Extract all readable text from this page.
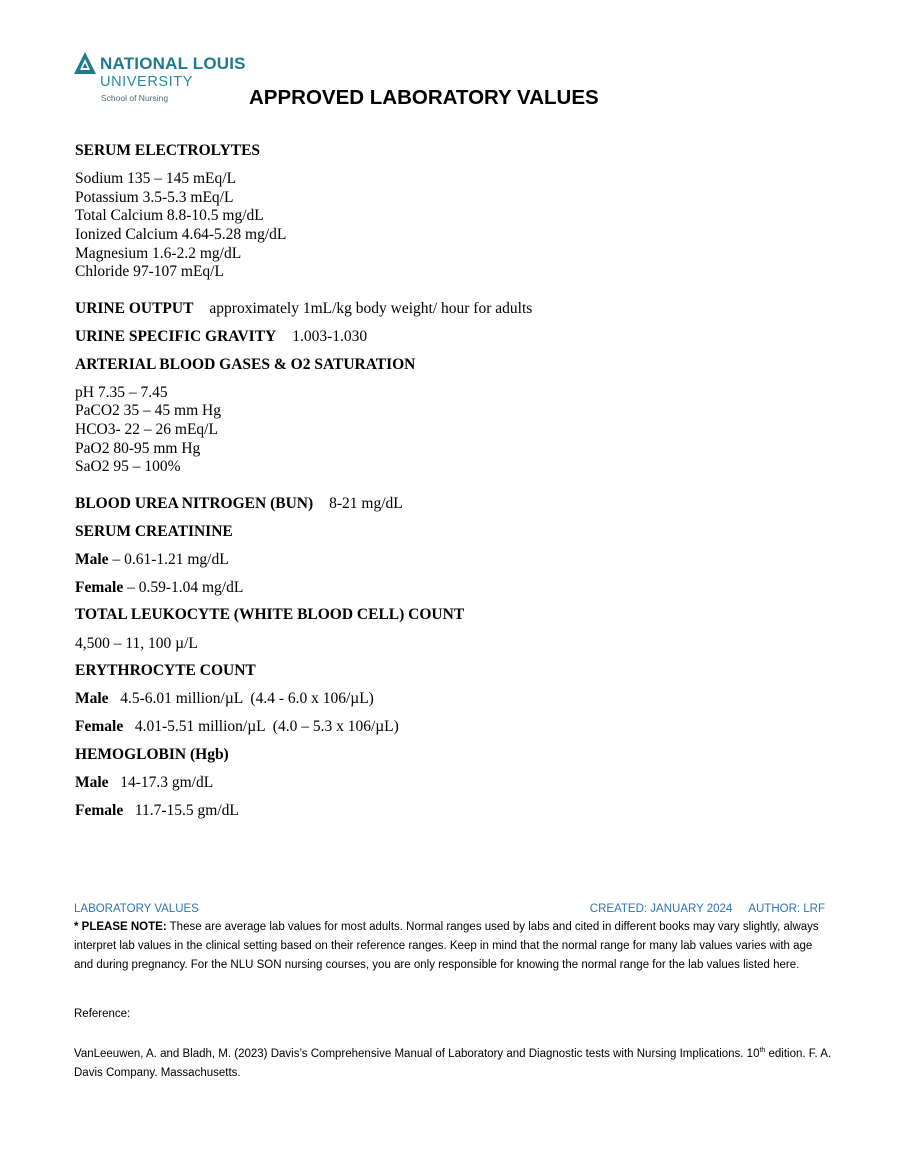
NATIONAL LOUIS
UNIVERSITY
School of Nursing	APPROVED LABORATORY VALUES
SERUM ELECTROLYTES
Sodium 135 – 145 mEq/L
Potassium 3.5-5.3 mEq/L
Total Calcium 8.8-10.5 mg/dL
Ionized Calcium 4.64-5.28 mg/dL
Magnesium 1.6-2.2 mg/dL
Chloride 97-107 mEq/L
URINE OUTPUT approximately 1mL/kg body weight/ hour for adults
URINE SPECIFIC GRAVITY 1.003-1.030
ARTERIAL BLOOD GASES & O2 SATURATION
pH 7.35 – 7.45
PaCO2 35 – 45 mm Hg
HCO3- 22 – 26 mEq/L
PaO2 80-95 mm Hg
SaO2 95 – 100%
BLOOD UREA NITROGEN (BUN) 8-21 mg/dL
SERUM CREATININE
Male – 0.61-1.21 mg/dL
Female – 0.59-1.04 mg/dL
TOTAL LEUKOCYTE (WHITE BLOOD CELL) COUNT
4,500 – 11, 100 µ/L
ERYTHROCYTE COUNT
Male   4.5-6.01 million/µL  (4.4 - 6.0 x 106/µL)
Female   4.01-5.51 million/µL  (4.0 – 5.3 x 106/µL)
HEMOGLOBIN (Hgb)
Male   14-17.3 gm/dL
Female   11.7-15.5 gm/dL
LABORATORY VALUES	CREATED: JANUARY 2024 AUTHOR: LRF
* PLEASE NOTE: These are average lab values for most adults. Normal ranges used by labs and cited in different books may vary slightly, always interpret lab values in the clinical setting based on their reference ranges. Keep in mind that the normal range for many lab values varies with age and during pregnancy. For the NLU SON nursing courses, you are only responsible for knowing the normal range for the lab values listed here.
Reference:
VanLeeuwen, A. and Bladh, M. (2023) Davis’s Comprehensive Manual of Laboratory and Diagnostic tests with Nursing Implications. 10th edition. F. A. Davis Company. Massachusetts.
